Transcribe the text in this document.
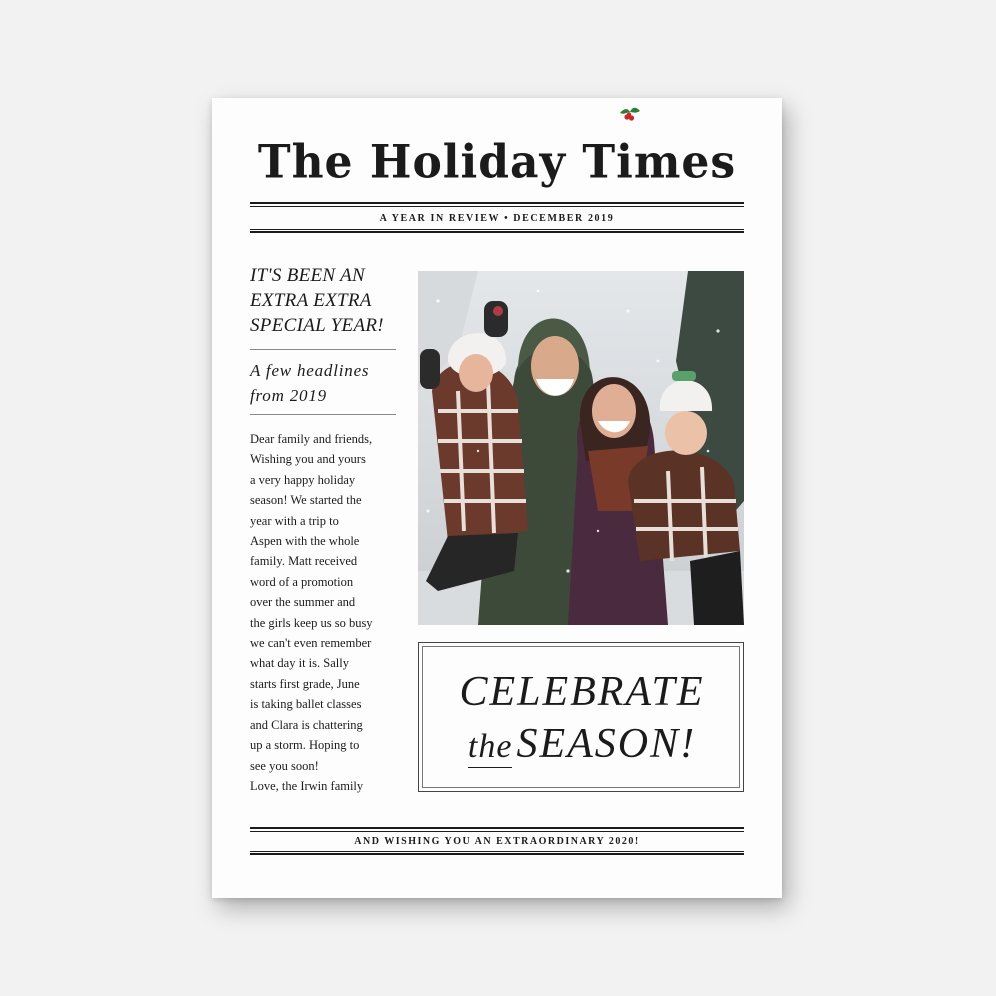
The Holiday Times
A YEAR IN REVIEW • DECEMBER 2019

IT'S BEEN AN

EXTRA EXTRA

SPECIAL YEAR!

A few headlines

from 2019

Dear family and friends,
Wishing you and yours
a very happy holiday
season! We started the
year with a trip to
Aspen with the whole
family. Matt received
word of a promotion
over the summer and
the girls keep us so busy
we can't even remember
what day it is. Sally
starts first grade, June
is taking ballet classes
and Clara is chattering
up a storm. Hoping to
see you soon!
Love, the Irwin family
CELEBRATE
the SEASON!
AND WISHING YOU AN EXTRAORDINARY 2020!
